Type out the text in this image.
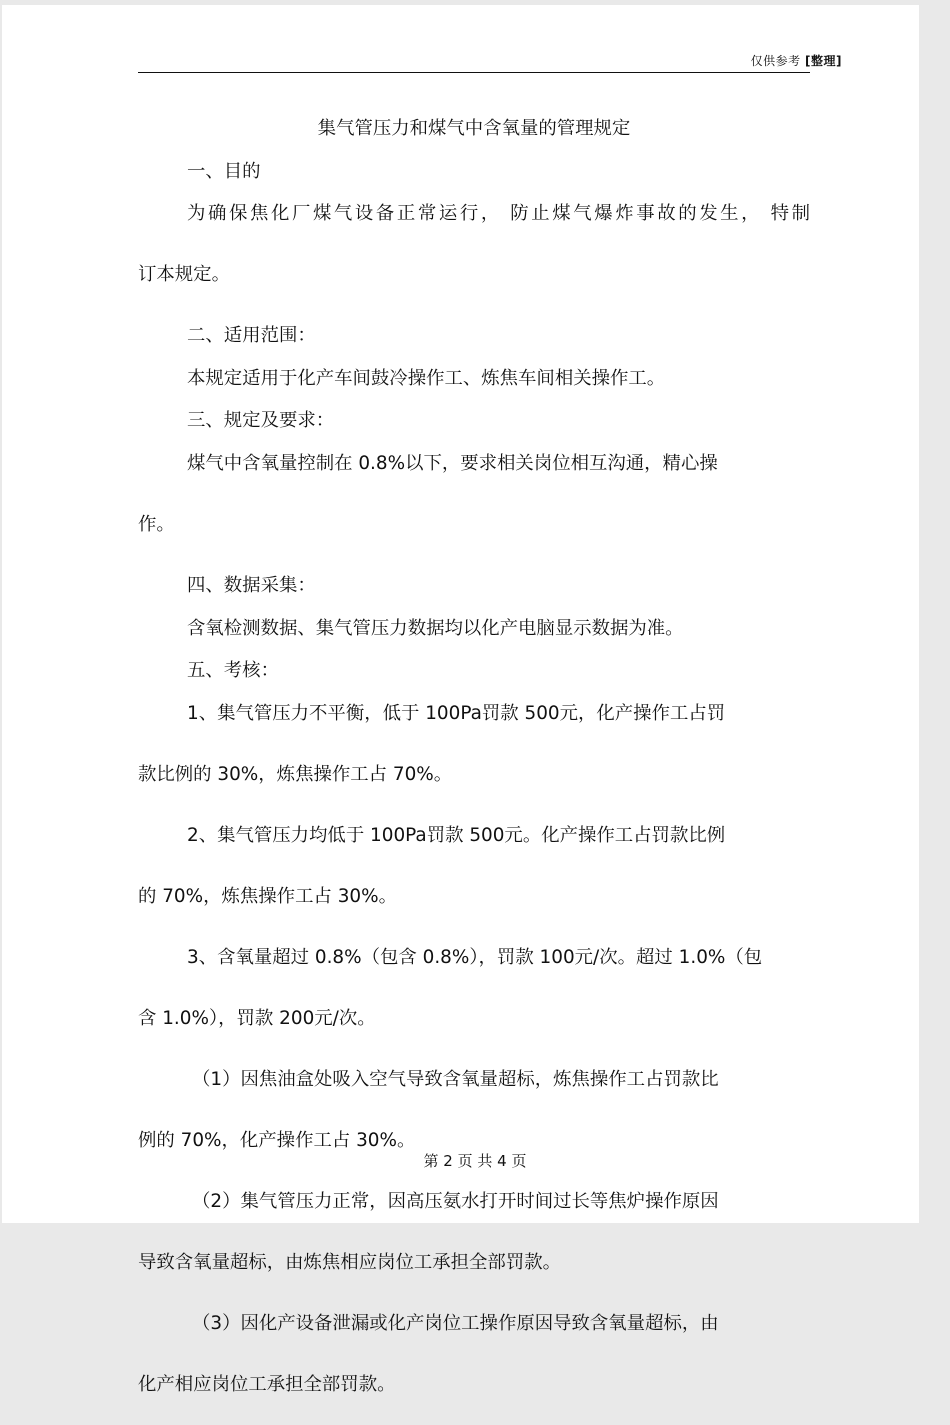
仅供参考 [整理]

集气管压力和煤气中含氧量的管理规定

一、目的

为确保焦化厂煤气设备正常运行， 防止煤气爆炸事故的发生， 特制

订本规定。

二、适用范围：

本规定适用于化产车间鼓冷操作工、炼焦车间相关操作工。

三、规定及要求：

煤气中含氧量控制在 0.8%以下，要求相关岗位相互沟通，精心操

作。

四、数据采集：

含氧检测数据、集气管压力数据均以化产电脑显示数据为准。

五、考核：

1、集气管压力不平衡，低于 100Pa罚款 500元，化产操作工占罚

款比例的 30%，炼焦操作工占 70%。

2、集气管压力均低于 100Pa罚款 500元。化产操作工占罚款比例

的 70%，炼焦操作工占 30%。

3、含氧量超过 0.8%（包含 0.8%），罚款 100元/次。超过 1.0%（包

含 1.0%），罚款 200元/次。

（1）因焦油盒处吸入空气导致含氧量超标，炼焦操作工占罚款比

例的 70%，化产操作工占 30%。

（2）集气管压力正常，因高压氨水打开时间过长等焦炉操作原因

导致含氧量超标，由炼焦相应岗位工承担全部罚款。

（3）因化产设备泄漏或化产岗位工操作原因导致含氧量超标，由

化产相应岗位工承担全部罚款。

第 2 页 共 4 页
